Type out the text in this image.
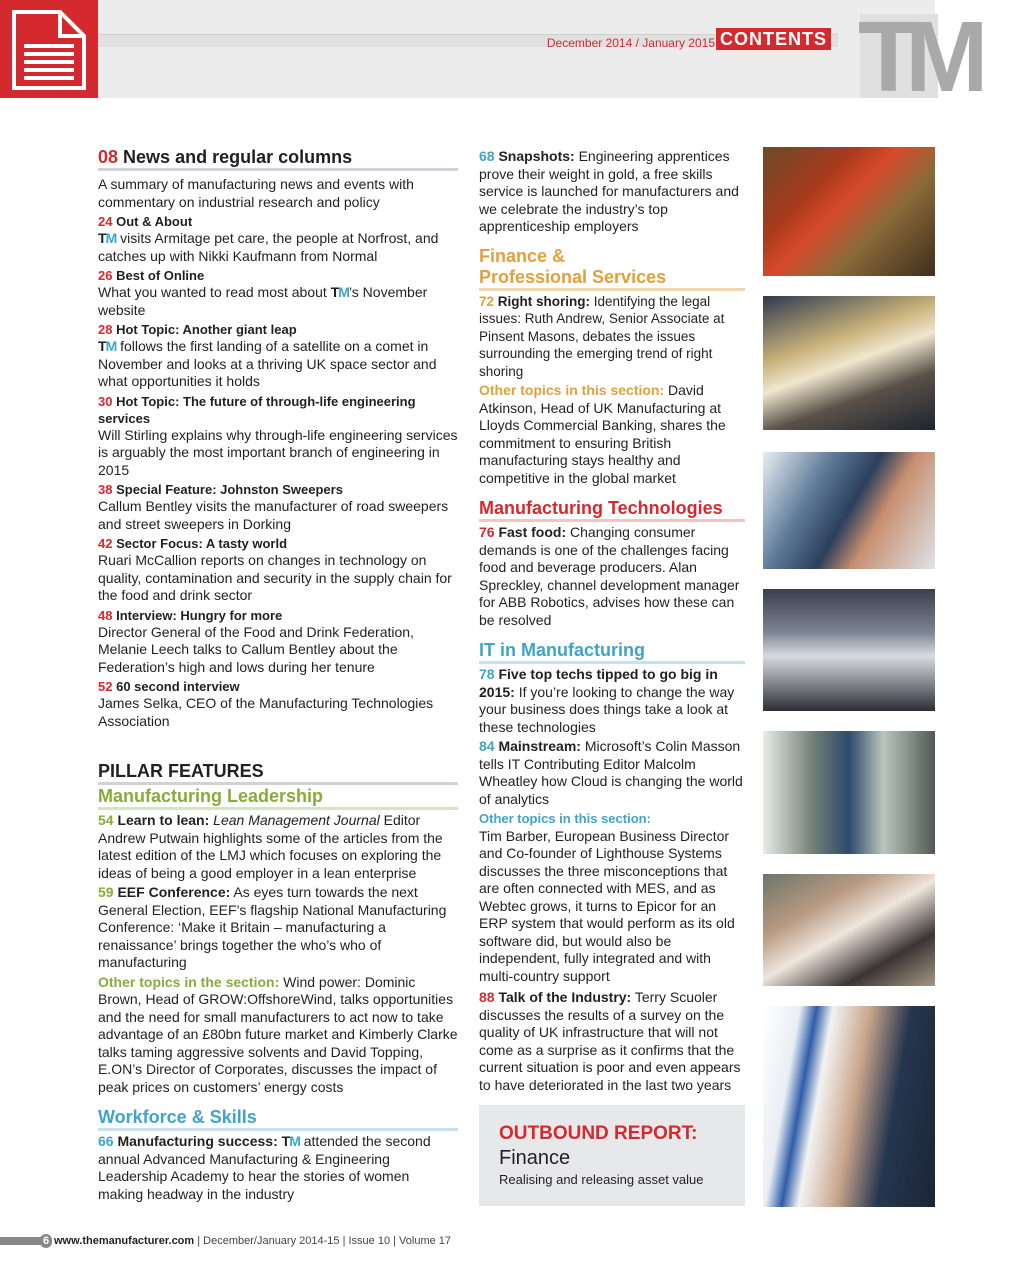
December 2014 / January 2015 CONTENTS TM
08 News and regular columns
A summary of manufacturing news and events with commentary on industrial research and policy
24 Out & About
TM visits Armitage pet care, the people at Norfrost, and catches up with Nikki Kaufmann from Normal
26 Best of Online
What you wanted to read most about TM’s November website
28 Hot Topic: Another giant leap
TM follows the first landing of a satellite on a comet in November and looks at a thriving UK space sector and what opportunities it holds
30 Hot Topic: The future of through-life engineering services
Will Stirling explains why through-life engineering services is arguably the most important branch of engineering in 2015
38 Special Feature: Johnston Sweepers
Callum Bentley visits the manufacturer of road sweepers and street sweepers in Dorking
42 Sector Focus: A tasty world
Ruari McCallion reports on changes in technology on quality, contamination and security in the supply chain for the food and drink sector
48 Interview: Hungry for more
Director General of the Food and Drink Federation, Melanie Leech talks to Callum Bentley about the Federation’s high and lows during her tenure
52 60 second interview
James Selka, CEO of the Manufacturing Technologies Association
PILLAR FEATURES
Manufacturing Leadership
54 Learn to lean: Lean Management Journal Editor Andrew Putwain highlights some of the articles from the latest edition of the LMJ which focuses on exploring the ideas of being a good employer in a lean enterprise
59 EEF Conference: As eyes turn towards the next General Election, EEF’s flagship National Manufacturing Conference: ‘Make it Britain – manufacturing a renaissance’ brings together the who’s who of manufacturing
Other topics in the section: Wind power: Dominic Brown, Head of GROW:OffshoreWind, talks opportunities and the need for small manufacturers to act now to take advantage of an £80bn future market and Kimberly Clarke talks taming aggressive solvents and David Topping, E.ON’s Director of Corporates, discusses the impact of peak prices on customers’ energy costs
Workforce & Skills
66 Manufacturing success: TM attended the second annual Advanced Manufacturing & Engineering Leadership Academy to hear the stories of women making headway in the industry
68 Snapshots: Engineering apprentices prove their weight in gold, a free skills service is launched for manufacturers and we celebrate the industry’s top apprenticeship employers
Finance &
Professional Services
72 Right shoring: Identifying the legal issues: Ruth Andrew, Senior Associate at Pinsent Masons, debates the issues surrounding the emerging trend of right shoring
Other topics in this section: David Atkinson, Head of UK Manufacturing at Lloyds Commercial Banking, shares the commitment to ensuring British manufacturing stays healthy and competitive in the global market
Manufacturing Technologies
76 Fast food: Changing consumer demands is one of the challenges facing food and beverage producers. Alan Spreckley, channel development manager for ABB Robotics, advises how these can be resolved
IT in Manufacturing
78 Five top techs tipped to go big in 2015: If you’re looking to change the way your business does things take a look at these technologies
84 Mainstream: Microsoft’s Colin Masson tells IT Contributing Editor Malcolm Wheatley how Cloud is changing the world of analytics
Other topics in this section:
Tim Barber, European Business Director and Co-founder of Lighthouse Systems discusses the three misconceptions that are often connected with MES, and as Webtec grows, it turns to Epicor for an ERP system that would perform as its old software did, but would also be independent, fully integrated and with multi-country support
88 Talk of the Industry: Terry Scuoler discusses the results of a survey on the quality of UK infrastructure that will not come as a surprise as it confirms that the current situation is poor and even appears to have deteriorated in the last two years
OUTBOUND REPORT:
Finance
Realising and releasing asset value
6 www.themanufacturer.com | December/January 2014-15 | Issue 10 | Volume 17
